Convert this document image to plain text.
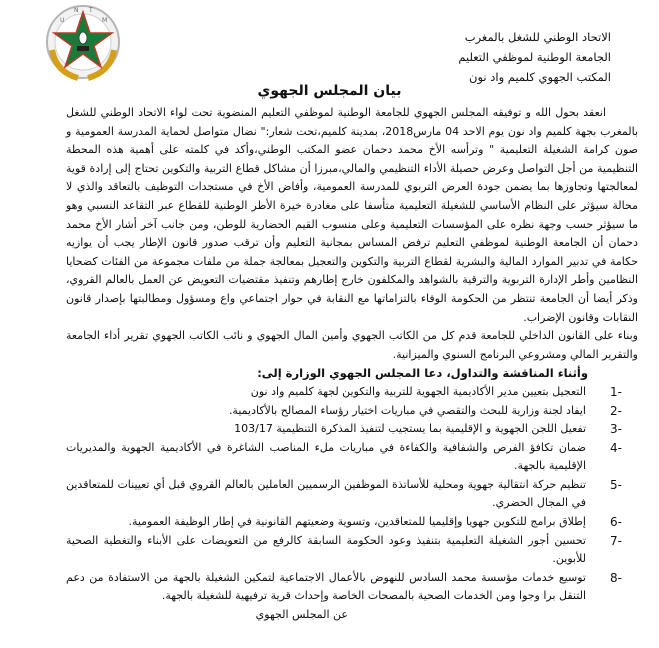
U
N T
M
الاتحاد الوطني للشغل بالمغرب
الجامعة الوطنية لموظفي التعليم
المكتب الجهوي كلميم واد نون
بيان المجلس الجهوي

انعقد بحول الله و توفيقه المجلس الجهوي للجامعة الوطنية لموظفي التعليم المنضوية تحت لواء الاتحاد الوطني للشغل بالمغرب بجهة كلميم واد نون يوم الاحد 04 مارس2018، بمدينة كلميم،تحت شعار:" نضال متواصل لحماية المدرسة العمومية و صون كرامة الشغيلة التعليمية " وترأسه الأخ محمد دحمان عضو المكتب الوطني،وأكد في كلمته على أهمية هذه المحطة التنظيمية من أجل التواصل وعرض حصيلة الأداء التنظيمي والمالي،مبرزا أن مشاكل قطاع التربية والتكوين تحتاج إلى إرادة قوية لمعالجتها وتجاوزها بما يضمن جودة العرض التربوي للمدرسة العمومية، وأفاض الأخ في مستجدات التوظيف بالتعاقد والذي لا محالة سيؤثر على النظام الأساسي للشغيلة التعليمية متأسفا على مغادرة خيرة الأطر الوطنية للقطاع عبر التقاعد النسبي وهو ما سيؤثر حسب وجهة نظره على المؤسسات التعليمية وعلى منسوب القيم الحضارية للوطن، ومن جانب آخر أشار الأخ محمد دحمان أن الجامعة الوطنية لموظفي التعليم ترفض المساس بمجانية التعليم وأن ترقب صدور قانون الإطار يجب أن يوازيه حكامة في تدبير الموارد المالية والبشرية لقطاع التربية والتكوين والتعجيل بمعالجة جملة من ملفات مجموعة من الفئات كضحايا النظامين وأطر الإدارة التربوية والترقية بالشواهد والمكلفون خارج إطارهم وتنفيذ مقتضيات التعويض عن العمل بالعالم القروي، وذكر أيضا أن الجامعة تنتظر من الحكومة الوفاء بالتزاماتها مع النقابة في حوار اجتماعي واع ومسؤول ومطالبتها بإصدار قانون النقابات وقانون الإضراب.

وبناء على القانون الداخلي للجامعة قدم كل من الكاتب الجهوي وأمين المال الجهوي و نائب الكاتب الجهوي تقرير أداء الجامعة والتقرير المالي ومشروعي البرنامج السنوي والميزانية.

وأثناء المناقشة والتداول، دعا المجلس الجهوي الوزارة إلى:
1-
التعجيل بتعيين مدير الأكاديمية الجهوية للتربية والتكوين لجهة كلميم واد نون
2-
ايفاد لجنة وزارية للبحث والتقصي في مباريات اختيار رؤساء المصالح بالأكاديمية.
3-
تفعيل اللجن الجهوية و الإقليمية بما يستجيب لتنفيذ المذكرة التنظيمية 103/17
4-
ضمان تكافؤ الفرص والشفافية والكفاءة في مباريات ملء المناصب الشاغرة في الأكاديمية الجهوية والمديريات الإقليمية بالجهة.
5-
تنظيم حركة انتقالية جهوية ومحلية للأساتذة الموظفين الرسميين العاملين بالعالم القروي قبل أي تعيينات للمتعاقدين في المجال الحضري.
6-
إطلاق برامج للتكوين جهويا وإقليميا للمتعاقدين، وتسوية وضعيتهم القانونية في إطار الوظيفة العمومية.
7-
تحسين أجور الشغيلة التعليمية بتنفيذ وعود الحكومة السابقة كالرفع من التعويضات على الأبناء والتغطية الصحية للأبوين.
8-
توسيع خدمات مؤسسة محمد السادس للنهوض بالأعمال الاجتماعية لتمكين الشغيلة بالجهة من الاستفادة من دعم التنقل برا وجوا ومن الخدمات الصحية بالمصحات الخاصة وإحداث قرية ترفيهية للشغيلة بالجهة.
عن المجلس الجهوي
